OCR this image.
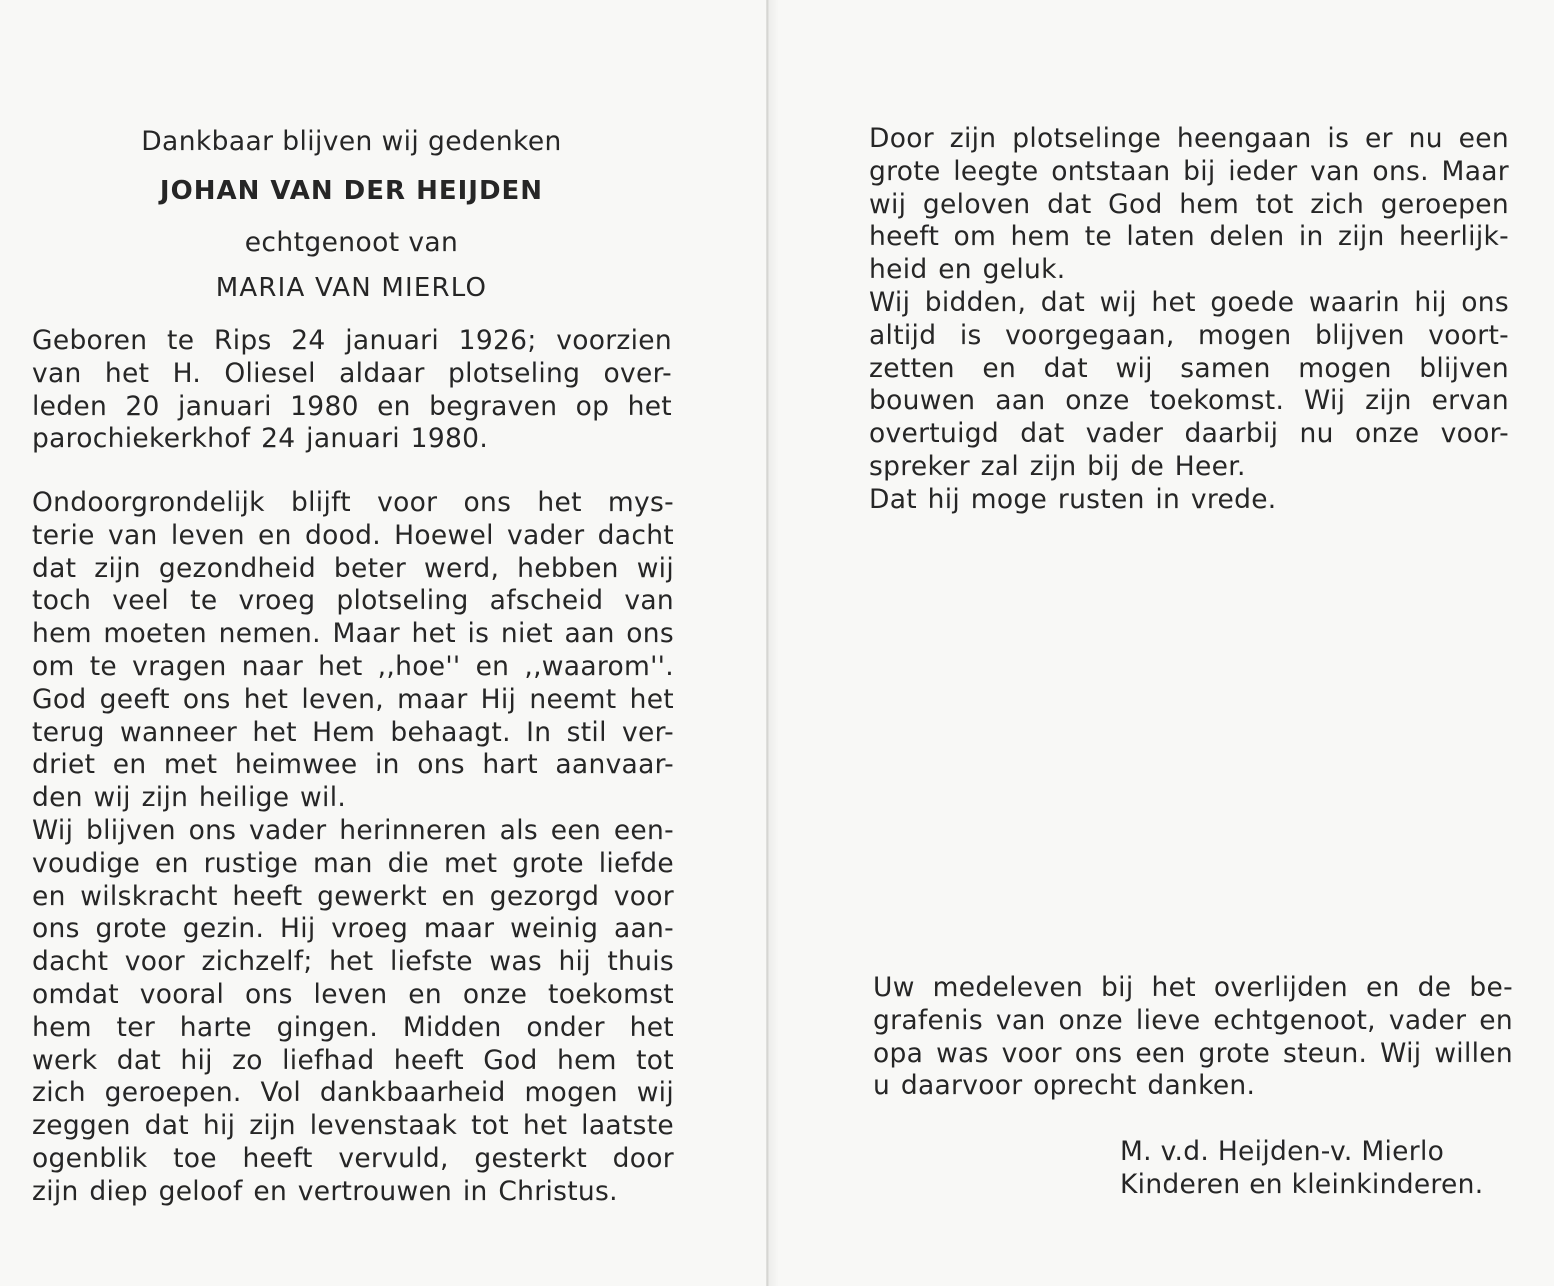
Dankbaar blijven wij gedenken
JOHAN VAN DER HEIJDEN
echtgenoot van
MARIA VAN MIERLO
Geboren te Rips 24 januari 1926; voorzien
van het H. Oliesel aldaar plotseling over-
leden 20 januari 1980 en begraven op het
parochiekerkhof 24 januari 1980.
Ondoorgrondelijk blijft voor ons het mys-
terie van leven en dood. Hoewel vader dacht
dat zijn gezondheid beter werd, hebben wij
toch veel te vroeg plotseling afscheid van
hem moeten nemen. Maar het is niet aan ons
om te vragen naar het ,,hoe'' en ,,waarom''.
God geeft ons het leven, maar Hij neemt het
terug wanneer het Hem behaagt. In stil ver-
driet en met heimwee in ons hart aanvaar-
den wij zijn heilige wil.
Wij blijven ons vader herinneren als een een-
voudige en rustige man die met grote liefde
en wilskracht heeft gewerkt en gezorgd voor
ons grote gezin. Hij vroeg maar weinig aan-
dacht voor zichzelf; het liefste was hij thuis
omdat vooral ons leven en onze toekomst
hem ter harte gingen. Midden onder het
werk dat hij zo liefhad heeft God hem tot
zich geroepen. Vol dankbaarheid mogen wij
zeggen dat hij zijn levenstaak tot het laatste
ogenblik toe heeft vervuld, gesterkt door
zijn diep geloof en vertrouwen in Christus.
Door zijn plotselinge heengaan is er nu een
grote leegte ontstaan bij ieder van ons. Maar
wij geloven dat God hem tot zich geroepen
heeft om hem te laten delen in zijn heerlijk-
heid en geluk.
Wij bidden, dat wij het goede waarin hij ons
altijd is voorgegaan, mogen blijven voort-
zetten en dat wij samen mogen blijven
bouwen aan onze toekomst. Wij zijn ervan
overtuigd dat vader daarbij nu onze voor-
spreker zal zijn bij de Heer.
Dat hij moge rusten in vrede.
Uw medeleven bij het overlijden en de be-
grafenis van onze lieve echtgenoot, vader en
opa was voor ons een grote steun. Wij willen
u daarvoor oprecht danken.
M. v.d. Heijden-v. Mierlo
Kinderen en kleinkinderen.
